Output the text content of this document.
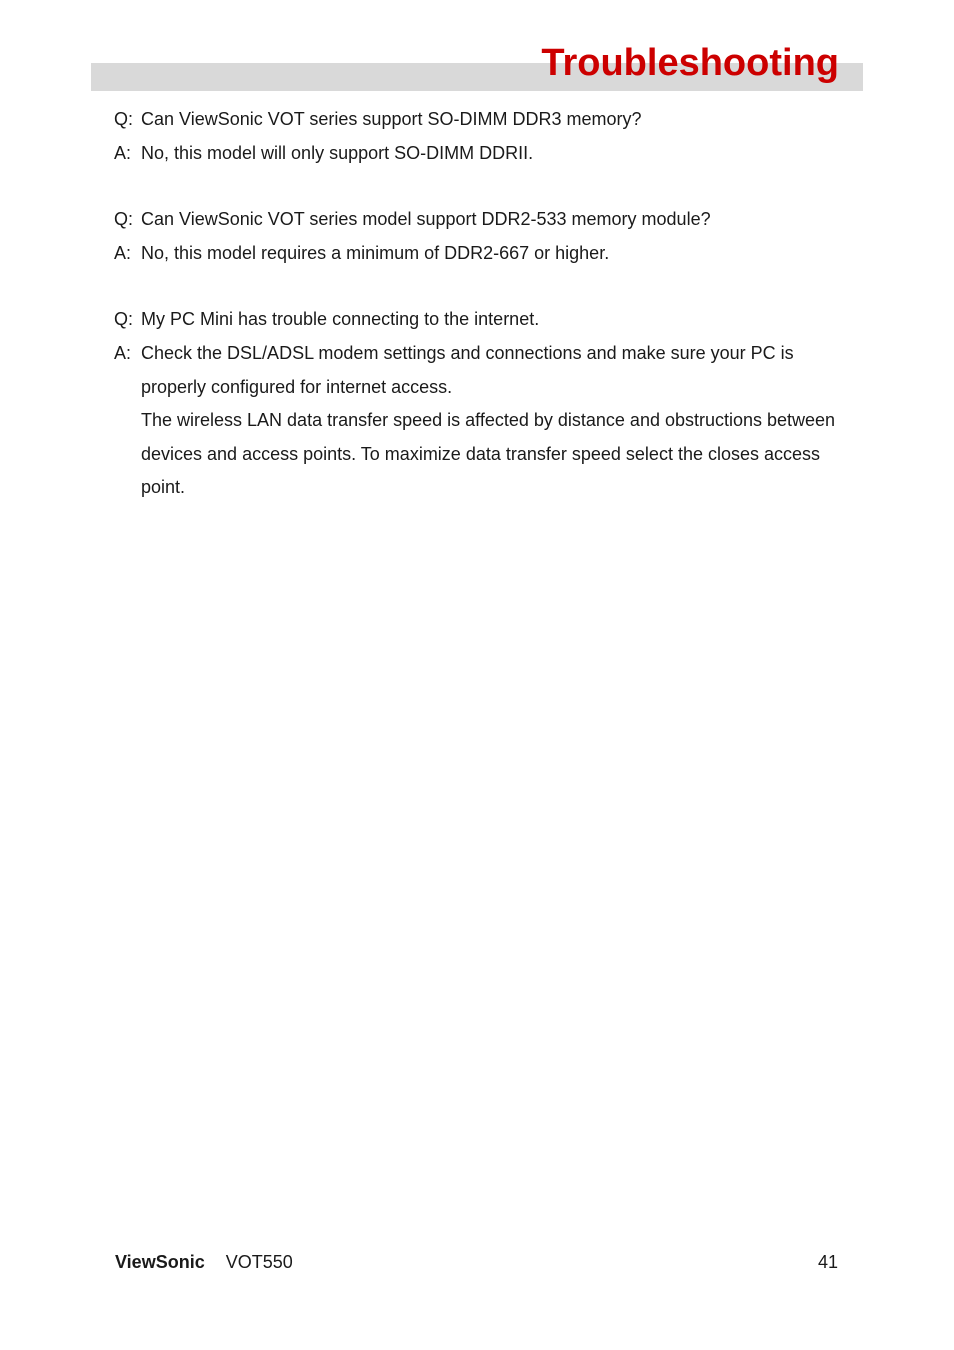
Troubleshooting
Q: Can ViewSonic VOT series support SO-DIMM DDR3 memory?
A: No, this model will only support SO-DIMM DDRII.

Q: Can ViewSonic VOT series model support DDR2-533 memory module?
A: No, this model requires a minimum of DDR2-667 or higher.

Q: My PC Mini has trouble connecting to the internet.
A: Check the DSL/ADSL modem settings and connections and make sure your PC is properly configured for internet access.

The wireless LAN data transfer speed is affected by distance and obstructions between devices and access points. To maximize data transfer speed select the closes access point.

ViewSonic VOT550	41
